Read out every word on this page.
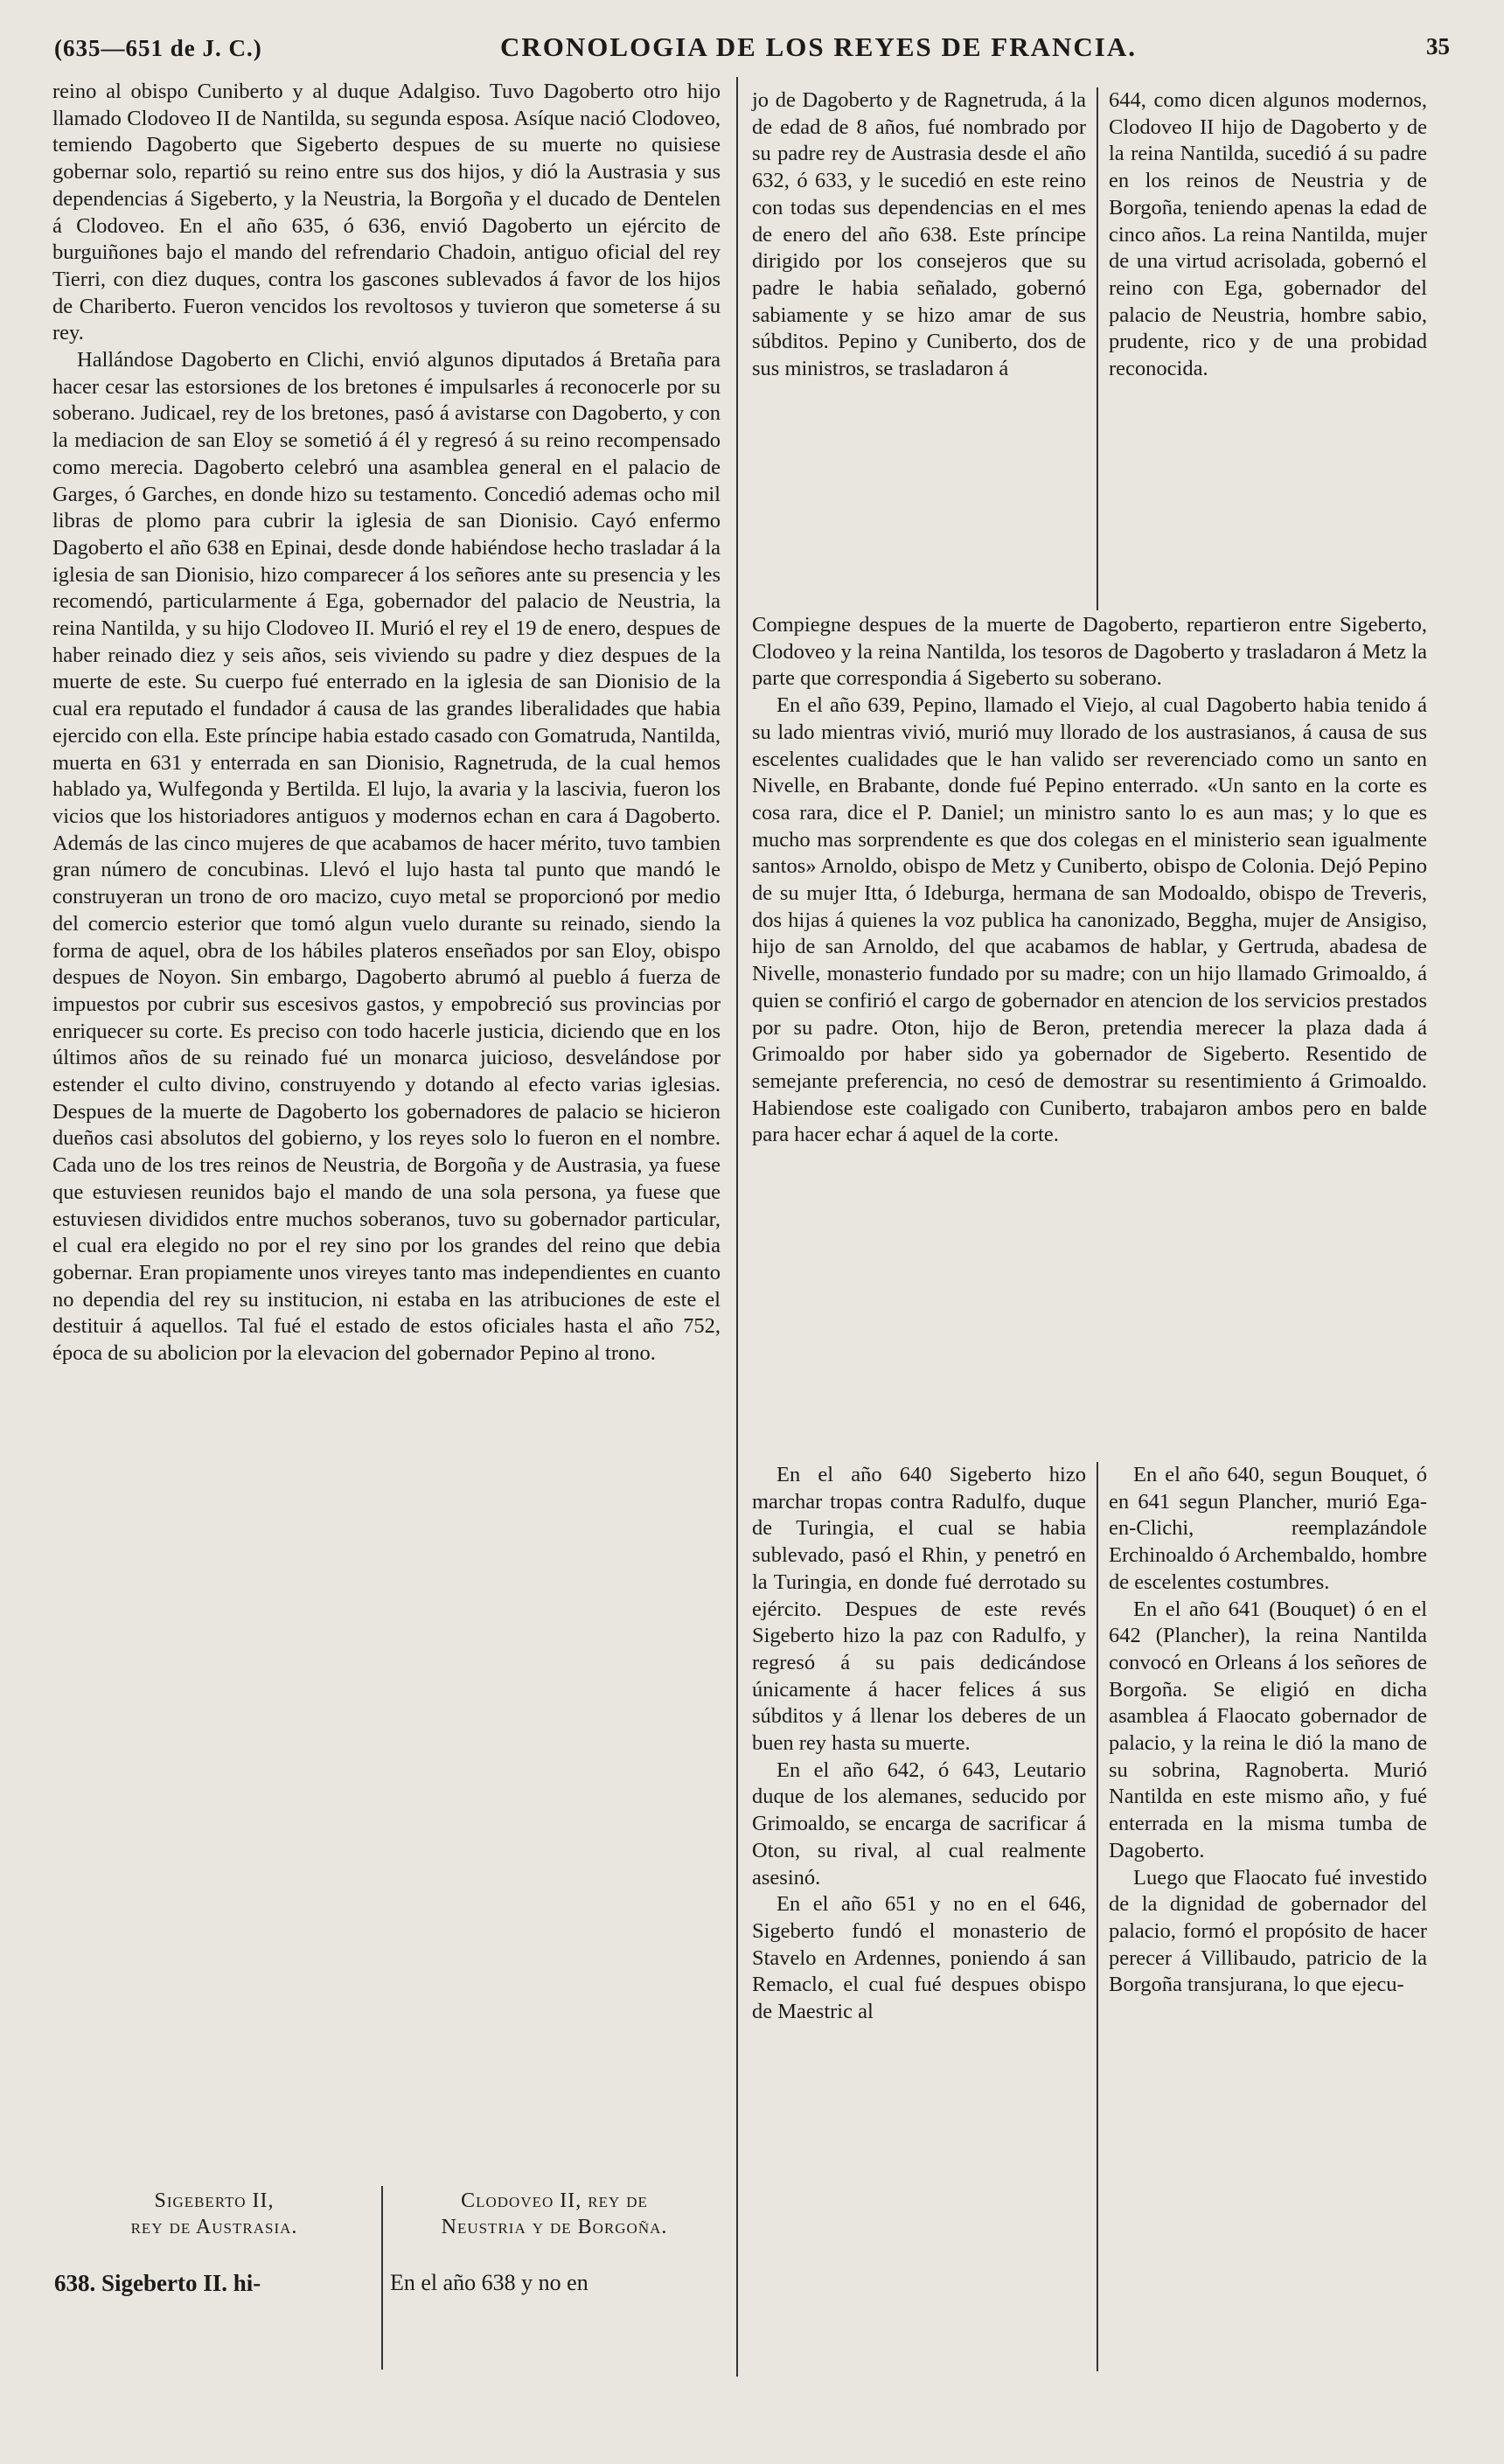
(635—651 de J. C.)	CRONOLOGIA DE LOS REYES DE FRANCIA.	35

reino al obispo Cuniberto y al duque Adalgiso. Tuvo Dagoberto otro hijo llamado Clodoveo II de Nantilda, su segunda esposa. Asíque nació Clodoveo, temiendo Dagoberto que Sigeberto despues de su muerte no quisiese gobernar solo, repartió su reino entre sus dos hijos, y dió la Austrasia y sus dependencias á Sigeberto, y la Neustria, la Borgoña y el ducado de Dentelen á Clodoveo. En el año 635, ó 636, envió Dagoberto un ejército de burguiñones bajo el mando del refrendario Chadoin, antiguo oficial del rey Tierri, con diez duques, contra los gascones sublevados á favor de los hijos de Chariberto. Fueron vencidos los revoltosos y tuvieron que someterse á su rey.

Hallándose Dagoberto en Clichi, envió algunos diputados á Bretaña para hacer cesar las estorsiones de los bretones é impulsarles á reconocerle por su soberano. Judicael, rey de los bretones, pasó á avistarse con Dagoberto, y con la mediacion de san Eloy se sometió á él y regresó á su reino recompensado como merecia. Dagoberto celebró una asamblea general en el palacio de Garges, ó Garches, en donde hizo su testamento. Concedió ademas ocho mil libras de plomo para cubrir la iglesia de san Dionisio. Cayó enfermo Dagoberto el año 638 en Epinai, desde donde habiéndose hecho trasladar á la iglesia de san Dionisio, hizo comparecer á los señores ante su presencia y les recomendó, particularmente á Ega, gobernador del palacio de Neustria, la reina Nantilda, y su hijo Clodoveo II. Murió el rey el 19 de enero, despues de haber reinado diez y seis años, seis viviendo su padre y diez despues de la muerte de este. Su cuerpo fué enterrado en la iglesia de san Dionisio de la cual era reputado el fundador á causa de las grandes liberalidades que habia ejercido con ella. Este príncipe habia estado casado con Gomatruda, Nantilda, muerta en 631 y enterrada en san Dionisio, Ragnetruda, de la cual hemos hablado ya, Wulfegonda y Bertilda. El lujo, la avaria y la lascivia, fueron los vicios que los historiadores antiguos y modernos echan en cara á Dagoberto. Además de las cinco mujeres de que acabamos de hacer mérito, tuvo tambien gran número de concubinas. Llevó el lujo hasta tal punto que mandó le construyeran un trono de oro macizo, cuyo metal se proporcionó por medio del comercio esterior que tomó algun vuelo durante su reinado, siendo la forma de aquel, obra de los hábiles plateros enseñados por san Eloy, obispo despues de Noyon. Sin embargo, Dagoberto abrumó al pueblo á fuerza de impuestos por cubrir sus escesivos gastos, y empobreció sus provincias por enriquecer su corte. Es preciso con todo hacerle justicia, diciendo que en los últimos años de su reinado fué un monarca juicioso, desvelándose por estender el culto divino, construyendo y dotando al efecto varias iglesias. Despues de la muerte de Dagoberto los gobernadores de palacio se hicieron dueños casi absolutos del gobierno, y los reyes solo lo fueron en el nombre. Cada uno de los tres reinos de Neustria, de Borgoña y de Austrasia, ya fuese que estuviesen reunidos bajo el mando de una sola persona, ya fuese que estuviesen divididos entre muchos soberanos, tuvo su gobernador particular, el cual era elegido no por el rey sino por los grandes del reino que debia gobernar. Eran propiamente unos vireyes tanto mas independientes en cuanto no dependia del rey su institucion, ni estaba en las atribuciones de este el destituir á aquellos. Tal fué el estado de estos oficiales hasta el año 752, época de su abolicion por la elevacion del gobernador Pepino al trono.

Sigeberto II,
rey de Austrasia.
Clodoveo II, rey de
Neustria y de Borgoña.
638. Sigeberto II. hi-	En el año 638 y no en

jo de Dagoberto y de Ragnetruda, á la de edad de 8 años, fué nombrado por su padre rey de Austrasia desde el año 632, ó 633, y le sucedió en este reino con todas sus dependencias en el mes de enero del año 638. Este príncipe dirigido por los consejeros que su padre le habia señalado, gobernó sabiamente y se hizo amar de sus súbditos. Pepino y Cuniberto, dos de sus ministros, se trasladaron á

644, como dicen algunos modernos, Clodoveo II hijo de Dagoberto y de la reina Nantilda, sucedió á su padre en los reinos de Neustria y de Borgoña, teniendo apenas la edad de cinco años. La reina Nantilda, mujer de una virtud acrisolada, gobernó el reino con Ega, gobernador del palacio de Neustria, hombre sabio, prudente, rico y de una probidad reconocida.

Compiegne despues de la muerte de Dagoberto, repartieron entre Sigeberto, Clodoveo y la reina Nantilda, los tesoros de Dagoberto y trasladaron á Metz la parte que correspondia á Sigeberto su soberano.

En el año 639, Pepino, llamado el Viejo, al cual Dagoberto habia tenido á su lado mientras vivió, murió muy llorado de los austrasianos, á causa de sus escelentes cualidades que le han valido ser reverenciado como un santo en Nivelle, en Brabante, donde fué Pepino enterrado. «Un santo en la corte es cosa rara, dice el P. Daniel; un ministro santo lo es aun mas; y lo que es mucho mas sorprendente es que dos colegas en el ministerio sean igualmente santos» Arnoldo, obispo de Metz y Cuniberto, obispo de Colonia. Dejó Pepino de su mujer Itta, ó Ideburga, hermana de san Modoaldo, obispo de Treveris, dos hijas á quienes la voz publica ha canonizado, Beggha, mujer de Ansigiso, hijo de san Arnoldo, del que acabamos de hablar, y Gertruda, abadesa de Nivelle, monasterio fundado por su madre; con un hijo llamado Grimoaldo, á quien se confirió el cargo de gobernador en atencion de los servicios prestados por su padre. Oton, hijo de Beron, pretendia merecer la plaza dada á Grimoaldo por haber sido ya gobernador de Sigeberto. Resentido de semejante preferencia, no cesó de demostrar su resentimiento á Grimoaldo. Habiendose este coaligado con Cuniberto, trabajaron ambos pero en balde para hacer echar á aquel de la corte.

En el año 640 Sigeberto hizo marchar tropas contra Radulfo, duque de Turingia, el cual se habia sublevado, pasó el Rhin, y penetró en la Turingia, en donde fué derrotado su ejército. Despues de este revés Sigeberto hizo la paz con Radulfo, y regresó á su pais dedicándose únicamente á hacer felices á sus súbditos y á llenar los deberes de un buen rey hasta su muerte.

En el año 642, ó 643, Leutario duque de los alemanes, seducido por Grimoaldo, se encarga de sacrificar á Oton, su rival, al cual realmente asesinó.

En el año 651 y no en el 646, Sigeberto fundó el monasterio de Stavelo en Ardennes, poniendo á san Remaclo, el cual fué despues obispo de Maestric al

En el año 640, segun Bouquet, ó en 641 segun Plancher, murió Ega-en-Clichi, reemplazándole Erchinoaldo ó Archembaldo, hombre de escelentes costumbres.

En el año 641 (Bouquet) ó en el 642 (Plancher), la reina Nantilda convocó en Orleans á los señores de Borgoña. Se eligió en dicha asamblea á Flaocato gobernador de palacio, y la reina le dió la mano de su sobrina, Ragnoberta. Murió Nantilda en este mismo año, y fué enterrada en la misma tumba de Dagoberto.

Luego que Flaocato fué investido de la dignidad de gobernador del palacio, formó el propósito de hacer perecer á Villibaudo, patricio de la Borgoña transjurana, lo que ejecu-
